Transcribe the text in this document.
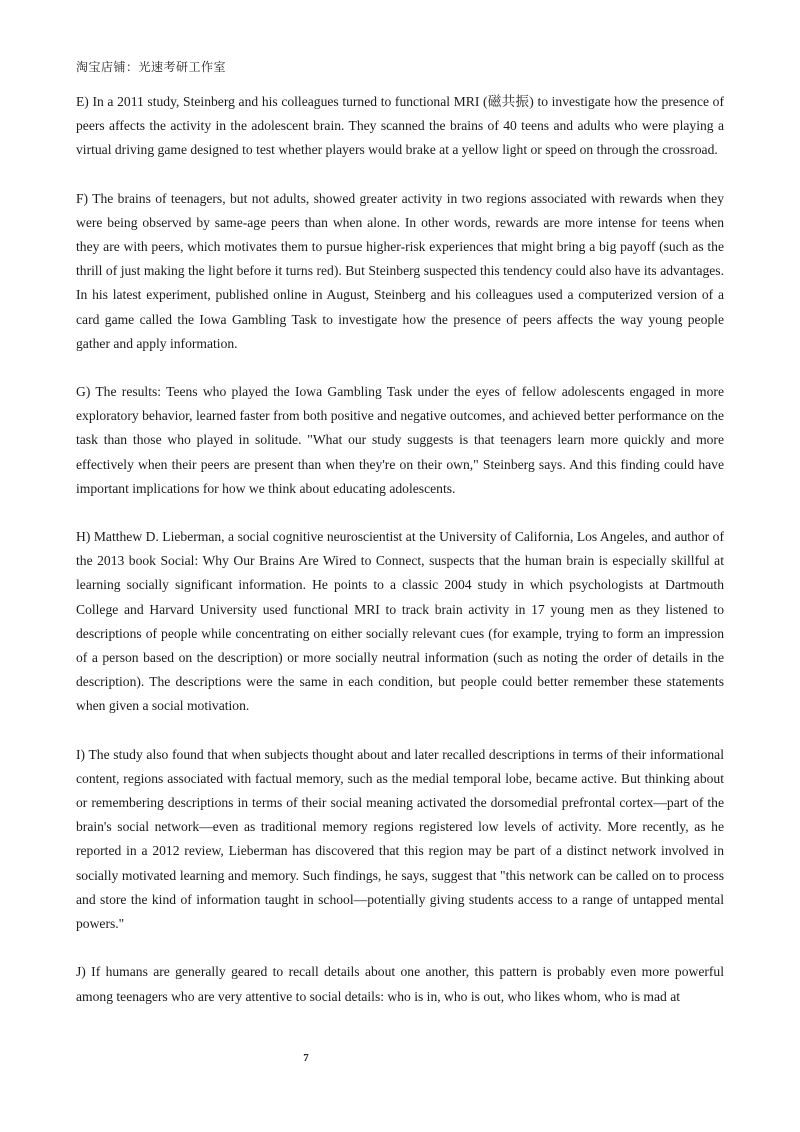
淘宝店铺：光速考研工作室

E) In a 2011 study, Steinberg and his colleagues turned to functional MRI (磁共振) to investigate how the presence of peers affects the activity in the adolescent brain. They scanned the brains of 40 teens and adults who were playing a virtual driving game designed to test whether players would brake at a yellow light or speed on through the crossroad.

F) The brains of teenagers, but not adults, showed greater activity in two regions associated with rewards when they were being observed by same-age peers than when alone. In other words, rewards are more intense for teens when they are with peers, which motivates them to pursue higher-risk experiences that might bring a big payoff (such as the thrill of just making the light before it turns red). But Steinberg suspected this tendency could also have its advantages. In his latest experiment, published online in August, Steinberg and his colleagues used a computerized version of a card game called the Iowa Gambling Task to investigate how the presence of peers affects the way young people gather and apply information.

G) The results: Teens who played the Iowa Gambling Task under the eyes of fellow adolescents engaged in more exploratory behavior, learned faster from both positive and negative outcomes, and achieved better performance on the task than those who played in solitude. "What our study suggests is that teenagers learn more quickly and more effectively when their peers are present than when they're on their own," Steinberg says. And this finding could have important implications for how we think about educating adolescents.

H) Matthew D. Lieberman, a social cognitive neuroscientist at the University of California, Los Angeles, and author of the 2013 book Social: Why Our Brains Are Wired to Connect, suspects that the human brain is especially skillful at learning socially significant information. He points to a classic 2004 study in which psychologists at Dartmouth College and Harvard University used functional MRI to track brain activity in 17 young men as they listened to descriptions of people while concentrating on either socially relevant cues (for example, trying to form an impression of a person based on the description) or more socially neutral information (such as noting the order of details in the description). The descriptions were the same in each condition, but people could better remember these statements when given a social motivation.

I) The study also found that when subjects thought about and later recalled descriptions in terms of their informational content, regions associated with factual memory, such as the medial temporal lobe, became active. But thinking about or remembering descriptions in terms of their social meaning activated the dorsomedial prefrontal cortex—part of the brain's social network—even as traditional memory regions registered low levels of activity. More recently, as he reported in a 2012 review, Lieberman has discovered that this region may be part of a distinct network involved in socially motivated learning and memory. Such findings, he says, suggest that "this network can be called on to process and store the kind of information taught in school—potentially giving students access to a range of untapped mental powers."

J) If humans are generally geared to recall details about one another, this pattern is probably even more powerful among teenagers who are very attentive to social details: who is in, who is out, who likes whom, who is mad at

7
